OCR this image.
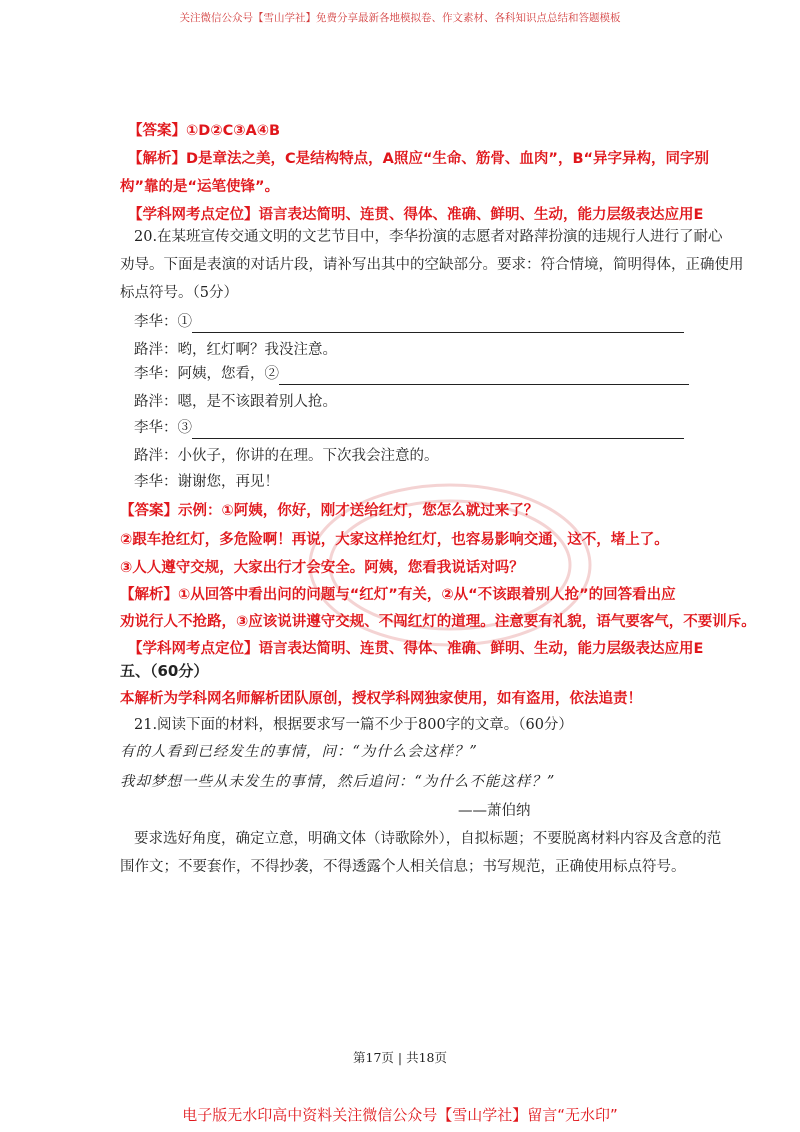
关注微信公众号【雪山学社】免费分享最新各地模拟卷、作文素材、各科知识点总结和答题模板
【答案】①D②C③A④B
【解析】D是章法之美，C是结构特点，A照应“生命、筋骨、血肉”，B“异字异构，同字别
构”靠的是“运笔使锋”。
【学科网考点定位】语言表达简明、连贯、得体、准确、鲜明、生动，能力层级表达应用E
20.在某班宣传交通文明的文艺节目中，李华扮演的志愿者对路萍扮演的违规行人进行了耐心
劝导。下面是表演的对话片段，请补写出其中的空缺部分。要求：符合情境，简明得体，正确使用
标点符号。（5分）
李华：①
路泮：哟，红灯啊？我没注意。
李华：阿姨，您看，②
路泮：嗯，是不该跟着别人抢。
李华：③
路泮：小伙子，你讲的在理。下次我会注意的。
李华：谢谢您，再见！
【答案】示例：①阿姨，你好，刚才送给红灯，您怎么就过来了？
②跟车抢红灯，多危险啊！再说，大家这样抢红灯，也容易影响交通，这不，堵上了。
③人人遵守交规，大家出行才会安全。阿姨，您看我说话对吗？
【解析】①从回答中看出问的问题与“红灯”有关，②从“不该跟着别人抢”的回答看出应
劝说行人不抢路，③应该说讲遵守交规、不闯红灯的道理。注意要有礼貌，语气要客气，不要训斥。
【学科网考点定位】语言表达简明、连贯、得体、准确、鲜明、生动，能力层级表达应用E
五、（60分）
本解析为学科网名师解析团队原创，授权学科网独家使用，如有盗用，依法追责！
21.阅读下面的材料，根据要求写一篇不少于800字的文章。（60分）
有的人看到已经发生的事情，问：“为什么会这样？”
我却梦想一些从未发生的事情，然后追问：“为什么不能这样？”
——萧伯纳
要求选好角度，确定立意，明确文体（诗歌除外），自拟标题；不要脱离材料内容及含意的范
围作文；不要套作，不得抄袭，不得透露个人相关信息；书写规范，正确使用标点符号。
第17页 | 共18页
电子版无水印高中资料关注微信公众号【雪山学社】留言“无水印”
